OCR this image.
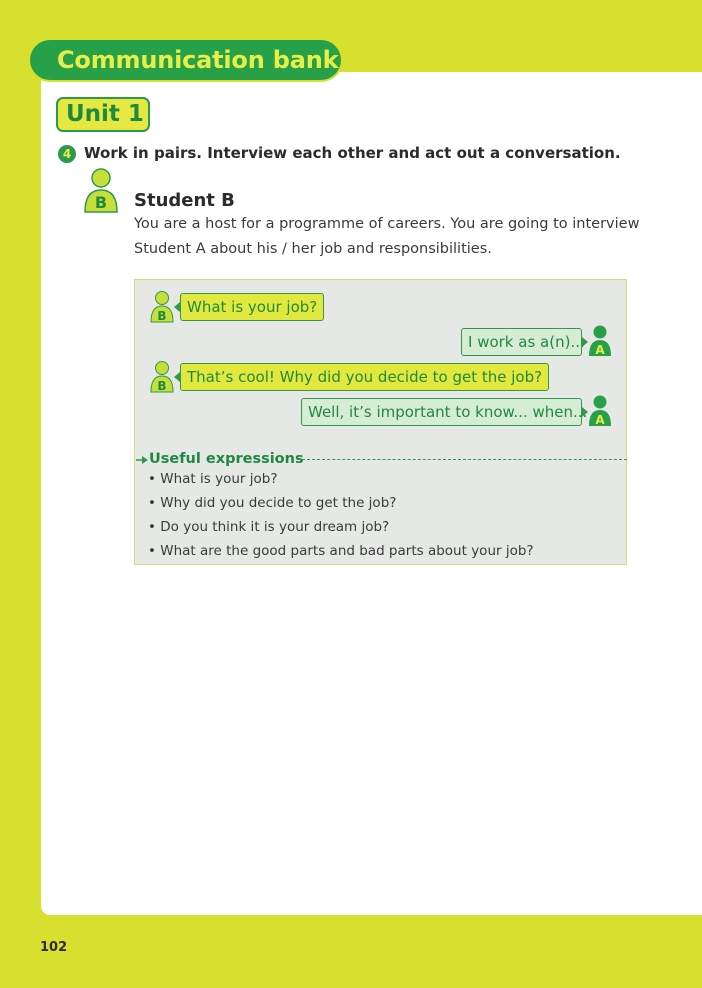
Communication bank
Unit 1
4 Work in pairs. Interview each other and act out a conversation.
B Student B
You are a host for a programme of careers. You are going to interview
Student A about his / her job and responsibilities.
B	What is your job?
I work as a(n)... A
B	That’s cool! Why did you decide to get the job?
Well, it’s important to know... when... A
Useful expressions
• What is your job?
• Why did you decide to get the job?
• Do you think it is your dream job?
• What are the good parts and bad parts about your job?
102
